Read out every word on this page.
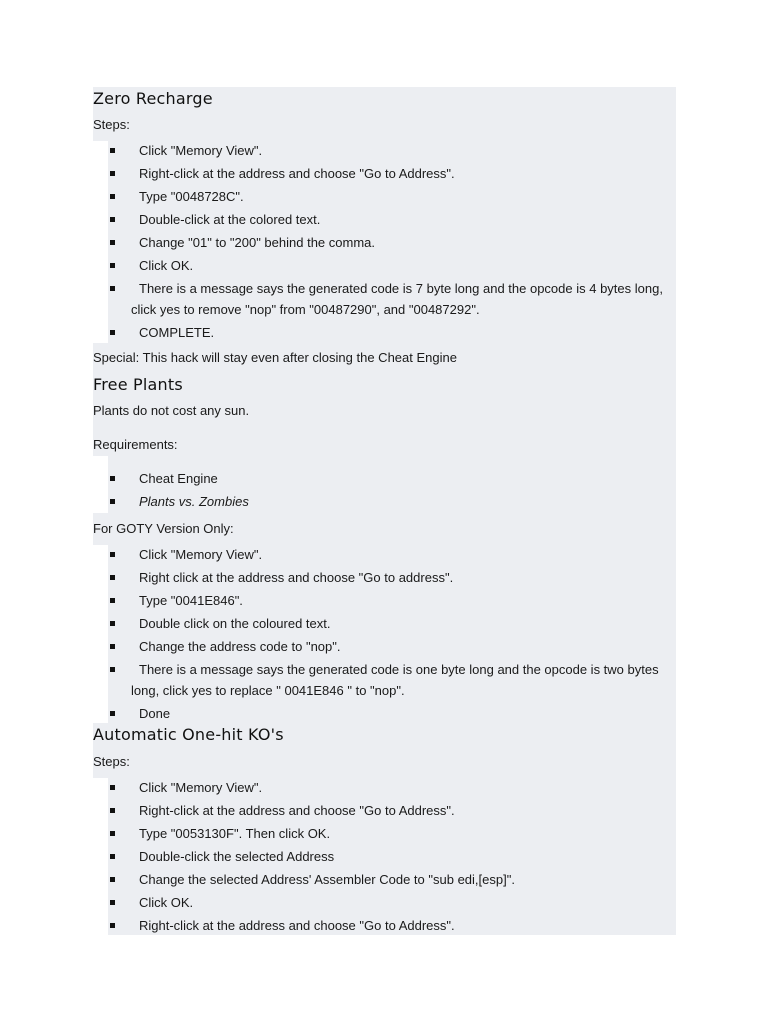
Zero Recharge

Steps:

Click "Memory View".
Right-click at the address and choose "Go to Address".
Type "0048728C".
Double-click at the colored text.
Change "01" to "200" behind the comma.
Click OK.
There is a message says the generated code is 7 byte long and the opcode is 4 bytes long, click yes to remove "nop" from "00487290", and "00487292".
COMPLETE.

Special: This hack will stay even after closing the Cheat Engine

Free Plants

Plants do not cost any sun.

Requirements:

Cheat Engine
Plants vs. Zombies

For GOTY Version Only:

Click "Memory View".
Right click at the address and choose "Go to address".
Type "0041E846".
Double click on the coloured text.
Change the address code to "nop".
There is a message says the generated code is one byte long and the opcode is two bytes long, click yes to replace " 0041E846 " to "nop".
Done
Automatic One-hit KO's

Steps:

Click "Memory View".
Right-click at the address and choose "Go to Address".
Type "0053130F". Then click OK.
Double-click the selected Address
Change the selected Address' Assembler Code to "sub edi,[esp]".
Click OK.
Right-click at the address and choose "Go to Address".
